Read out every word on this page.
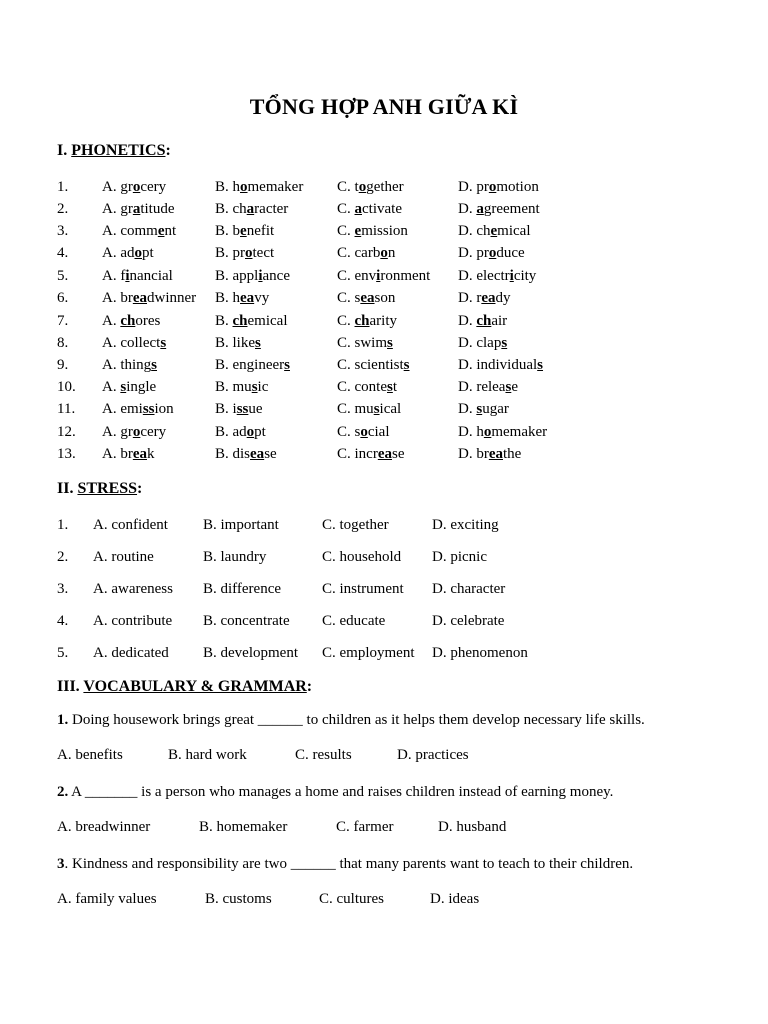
TỔNG HỢP ANH GIỮA KÌ
I. PHONETICS:
1. A. grocery	B. homemaker C. together	D. promotion
2. A. gratitude	B. character	C. activate	D. agreement
3. A. comment	B. benefit	C. emission	D. chemical
4. A. adopt	B. protect	C. carbon	D. produce
5. A. financial	B. appliance	C. environment D. electricity
6. A. breadwinner B. heavy	C. season	D. ready
7. A. chores	B. chemical	C. charity	D. chair
8. A. collects	B. likes	C. swims	D. claps
9. A. things	B. engineers	C. scientists	D. individuals
10. A. single	B. music	C. contest	D. release
11. A. emission	B. issue	C. musical	D. sugar
12. A. grocery	B. adopt	C. social	D. homemaker
13. A. break	B. disease	C. increase	D. breathe
II. STRESS:
1. A. confident B. important	C. together	D. exciting
2. A. routine	B. laundry	C. household D. picnic
3. A. awareness B. difference	C. instrument D. character
4. A. contribute B. concentrate C. educate	D. celebrate
5. A. dedicated B. development C. employment D. phenomenon
III. VOCABULARY & GRAMMAR:
1. Doing housework brings great ______ to children as it helps them develop necessary life skills.
A. benefits	B. hard work	C. results	D. practices
2. A _______ is a person who manages a home and raises children instead of earning money.
A. breadwinner	B. homemaker	C. farmer	D. husband
3. Kindness and responsibility are two ______ that many parents want to teach to their children.
A. family values	B. customs	C. cultures	D. ideas
